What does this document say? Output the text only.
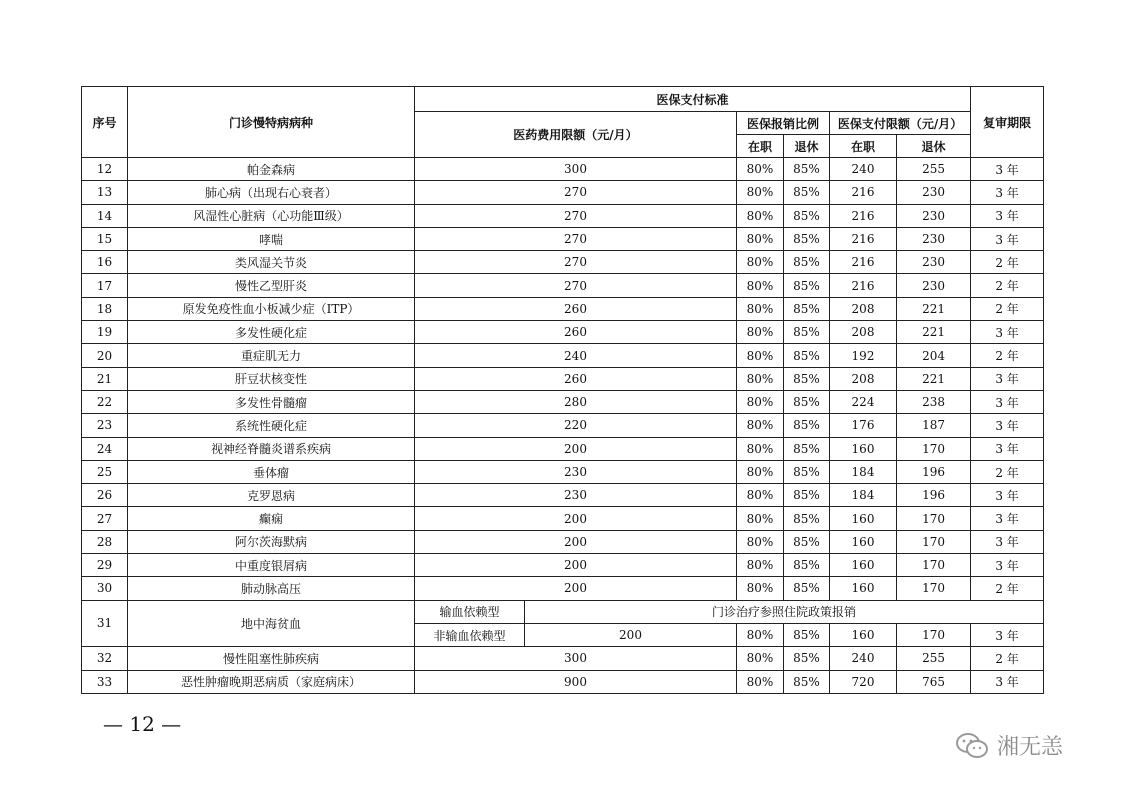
序号	门诊慢特病病种	医保支付标准						复审期限
		医药费用限额（元/月）		医保报销比例		医保支付限额（元/月）		
				在职	退休	在职	退休	
12	帕金森病	300		80%	85%	240	255	3 年
13	肺心病（出现右心衰者）	270		80%	85%	216	230	3 年
14	风湿性心脏病（心功能Ⅲ级）	270		80%	85%	216	230	3 年
15	哮喘	270		80%	85%	216	230	3 年
16	类风湿关节炎	270		80%	85%	216	230	2 年
17	慢性乙型肝炎	270		80%	85%	216	230	2 年
18	原发免疫性血小板减少症（ITP）	260		80%	85%	208	221	2 年
19	多发性硬化症	260		80%	85%	208	221	3 年
20	重症肌无力	240		80%	85%	192	204	2 年
21	肝豆状核变性	260		80%	85%	208	221	3 年
22	多发性骨髓瘤	280		80%	85%	224	238	3 年
23	系统性硬化症	220		80%	85%	176	187	3 年
24	视神经脊髓炎谱系疾病	200		80%	85%	160	170	3 年
25	垂体瘤	230		80%	85%	184	196	2 年
26	克罗恩病	230		80%	85%	184	196	3 年
27	癫痫	200		80%	85%	160	170	3 年
28	阿尔茨海默病	200		80%	85%	160	170	3 年
29	中重度银屑病	200		80%	85%	160	170	3 年
30	肺动脉高压	200		80%	85%	160	170	2 年
31	地中海贫血	输血依赖型	门诊治疗参照住院政策报销					
		非输血依赖型	200	80%	85%	160	170	3 年
32	慢性阻塞性肺疾病	300		80%	85%	240	255	2 年
33	恶性肿瘤晚期恶病质（家庭病床）	900		80%	85%	720	765	3 年
— 12 —
湘无恙
